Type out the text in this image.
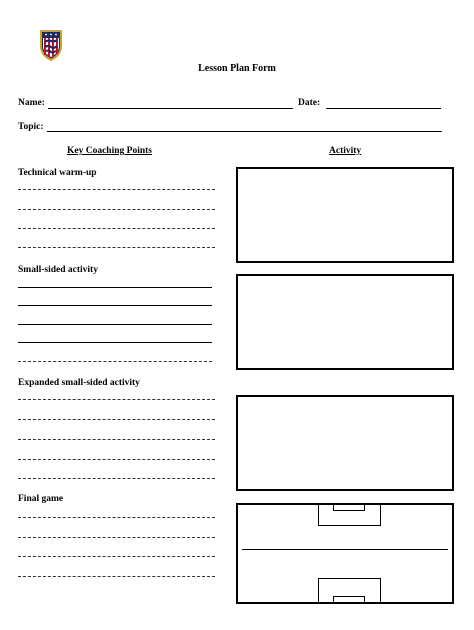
Lesson Plan Form
Name:	Date:
Topic:
Key Coaching Points	Activity
Technical warm-up
Small-sided activity
Expanded small-sided activity
Final game
